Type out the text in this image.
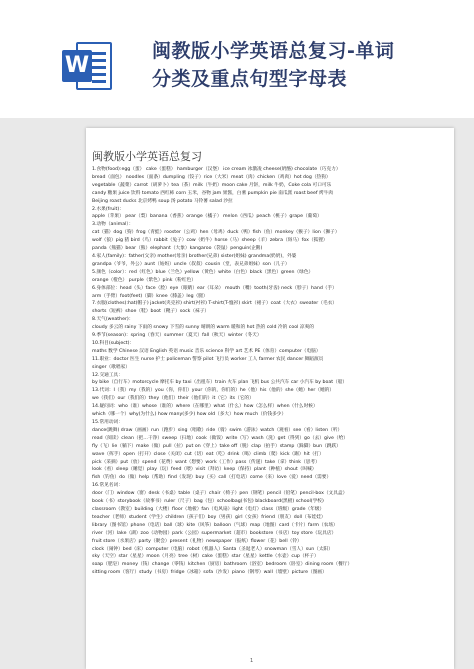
W
闽教版小学英语总复习-单词
分类及重点句型字母表
闽教版小学英语总复习

1.食物(food):egg（蛋） cake（蛋糕） hamburger（汉堡） ice cream 冰激凌 cheese(奶酪) chocolate（巧克力）

bread（面包） noodles（面条）dumpling（饺子）rice（大米）meat（肉）chicken（鸡肉）hot dog（热狗）

vegetable（蔬菜）carrot（胡萝卜）tea（茶）milk（牛奶）moon cake 月饼，milk 牛奶，Coke cola 可口可乐

candy 糖果 juice 饮料 tomato 西红柿 corn 玉米，谷物 jam 果酱，白薯 pumpkin pie 南瓜派 roast beef 烤牛肉

Beijing roast ducks 北京烤鸭 soup 汤 potato 马铃薯 salad 沙拉

2.水果(fruit)：

apple（苹果） pear（梨）banana（香蕉）orange（橘子） melon（西瓜）peach（桃子）grape（葡萄）

3.动物（animal）：

cat（猫）dog（狗）frog（青蛙）rooster（公鸡）hen（母鸡）duck（鸭）fish（鱼）monkey（猴子）lion（狮子）

wolf（狼）pig 猪 bird（鸟）rabbit（兔子）cow（奶牛）horse（马）sheep（羊）zebra（斑马）fox（狐狸）

panda（熊猫）bear（熊）elephant（大象）kangaroo（袋鼠）penguin(企鹅)

4.家人(family)：father(父亲) mother(母亲) brother(兄弟) sister(姐妹) grandma(奶奶)，外婆

grandpa（爷爷，外公）aunt（姑妈）uncle（叔叔）cousin（堂，表兄弟姐妹）son（儿子）

5.颜色（color）：red（红色）blue（兰色）yellow（黄色）white（白色）black（黑色）green（绿色）

orange（橙色） purple（紫色）pink（粉红色）

6.身体部位：head（头）face（脸）eye（眼睛）ear（耳朵） mouth（嘴）tooth(牙齿) neck（脖子）hand（手）

arm（手臂）foot(feet)（脚）knee（膝盖）leg（腿）

7.衣服(clothes):hat(帽子) jacket(夹克衫) shirt(衬衫) T-shirt(T-恤衫) skirt（裙子）coat（大衣）sweater（毛衣）

shorts（短裤）shoe（鞋）boot（靴子）sock（袜子）

8.天气(weather)：

cloudy 多云的 rainy 下雨的 snowy 下雪的 sunny 晴朗的 warm 暖和的 hot 热的 cold 冷的 cool 凉爽的

9.季节(season)：spring（春天）summer（夏天）fall（秋天）winter（冬天）

10.科目(subject)：

maths 数学 Chinese 汉语 English 英语 music 音乐 science 科学 art 艺术 PE（体育）computer（电脑）

11.职业：doctor 医生 nurse 护士 policeman 警察 pilot 飞行员 worker 工人 farmer 农民 dancer 舞蹈演员

singer（歌唱家）

12.交通工具：

by bike（自行车）motorcycle 摩托车 by taxi（出租车）train 火车 plan 飞机 bus 公共汽车 car 小汽车 by boat（船）

13.代词：I（我）my（我的）you（你，你们）your（你的，你们的）he（他）his（他的）she（她）her（她的）

we（我们）our（我们的）they（他们）their（他们的）it（它）its（它的）

14.疑问词：who（谁）whose（谁的）where（在哪里）what（什么）how（怎么样）when（什么时候）

which（哪一个）why(为什么) how many(多少) how old（多大）how much（价钱多少）

15.常用动词：

dance(跳舞) draw（画画）run（跑步）sing（唱歌）ride（骑）swim（游泳）watch（观看）see（看）listen（听）

read（阅读）clean（把…干净）sweep（扫地）cook（做饭）write（写）wash（洗）get（得到）go（去）give（给）

fly（飞）lie（躺下）make（做）pull（拉）put on（穿上）take off（脱）clap（拍手）stamp（跺脚）bun（跳跃）

wave（挥手）open（打开）close（关闭）cut（切）eat（吃）drink（喝）climb（爬）kick（踢）hit（打）

pick（采摘）put（放）spend（花费）want（想要）work（工作）pass（传递）take（拿）think（思考）

look（看）sleep（睡觉）play（玩）feed（喂）visit（拜访）keep（保持）plant（种植）shout（叫喊）

fish（钓鱼）do（做）help（帮助）find（发现）buy（买）call（打电话）come（来）love（爱）need（需要）

16.常见名词：

door（门）window（窗）desk（书桌）table（桌子）chair（椅子）pen（钢笔）pencil（铅笔）pencil-box（文具盒）

book（书）storybook（故事书）ruler（尺子）bag（包）schoolbag(书包) blackboard(黑板) school(学校)

classroom（教室）building（大楼）floor（地板）fan（电风扇）light（电灯）class（班级）grade（年级）

teacher（老师）student（学生）children（孩子们）boy（男孩）girl（女孩）friend（朋友）doll（布娃娃）

library（图书馆）phone（电话）ball（球）kite（风筝）balloon（气球）map（地图）card（卡片）farm（农场）

river（河）lake（湖）zoo（动物园）park（公园）supermarket（超市）bookstore（书店）toy store（玩具店）

fruit store（水果店）party（聚会）present（礼物）newspaper（报纸）flower（花）bell（铃）

clock（闹钟）bed（床）computer（电脑）robot（机器人）Santa（圣诞老人）snowman（雪人）sun（太阳）

sky（天空）star（星星）moon（月亮）tree（树）cake（蛋糕）star（星星）kettle（水壶）cup（杯子）

soap（肥皂）money（钱）change（零钱）kitchen（厨房）bathroom（浴室）bedroom（卧室）dining room（餐厅）

sitting room（客厅）study（书房）fridge（冰箱）sofa（沙发）piano（钢琴）wall（墙壁）picture（图画）

1
